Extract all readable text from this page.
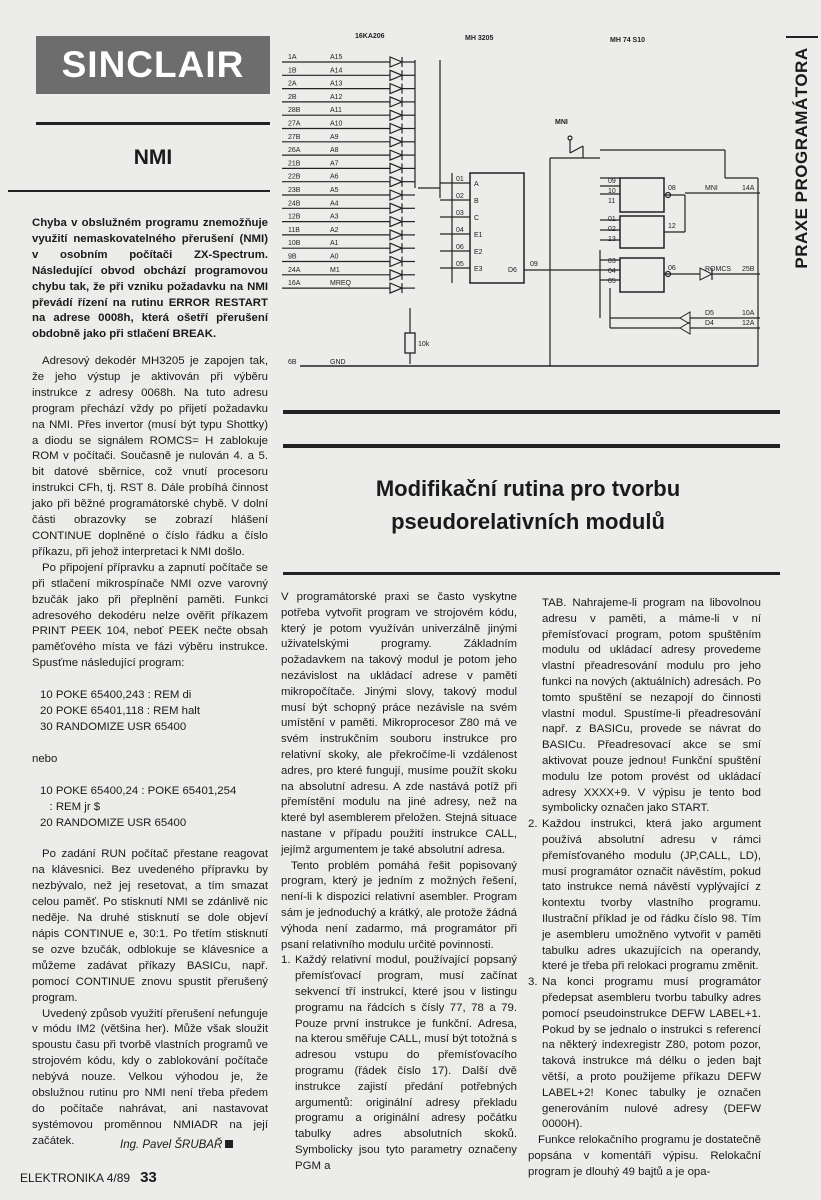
SINCLAIR
NMI
Chyba v obslužném programu znemožňuje využití nemaskovatelného přerušení (NMI) v osobním počítači ZX-Spectrum. Následující obvod obchází programovou chybu tak, že při vzniku požadavku na NMI převádí řízení na rutinu ERROR RESTART na adrese 0008h, která ošetří přerušení obdobně jako při stlačení BREAK.

Adresový dekodér MH3205 je zapojen tak, že jeho výstup je aktivován při výběru instrukce z adresy 0068h. Na tuto adresu program přechází vždy po přijetí požadavku na NMI. Přes invertor (musí být typu Shottky) a diodu se signálem ROMCS= H zablokuje ROM v počítači. Současně je nulován 4. a 5. bit datové sběrnice, což vnutí procesoru instrukci CFh, tj. RST 8. Dále probíhá činnost jako při běžné programátorské chybě. V dolní části obrazovky se zobrazí hlášení CONTINUE doplněné o číslo řádku a číslo příkazu, při jehož interpretaci k NMI došlo.

Po připojení přípravku a zapnutí počítače se při stlačení mikrospínače NMI ozve varovný bzučák jako při přeplnění paměti. Funkci adresového dekodéru nelze ověřit příkazem PRINT PEEK 104, neboť PEEK nečte obsah paměťového místa ve fázi výběru instrukce. Spusťme následující program:

10 POKE 65400,243 : REM di
20 POKE 65401,118 : REM halt
30 RANDOMIZE USR 65400
nebo
10 POKE 65400,24 : POKE 65401,254
: REM jr $
20 RANDOMIZE USR 65400

Po zadání RUN počítač přestane reagovat na klávesnici. Bez uvedeného přípravku by nezbývalo, než jej resetovat, a tím smazat celou paměť. Po stisknutí NMI se zdánlivě nic neděje. Na druhé stisknutí se dole objeví nápis CONTINUE e, 30:1. Po třetím stisknutí se ozve bzučák, odblokuje se klávesnice a můžeme zadávat příkazy BASICu, např. pomocí CONTINUE znovu spustit přerušený program.

Uvedený způsob využití přerušení nefunguje v módu IM2 (většina her). Může však sloužit spoustu času při tvorbě vlastních programů ve strojovém kódu, kdy o zablokování počítače nebývá nouze. Velkou výhodou je, že obslužnou rutinu pro NMI není třeba předem do počítače nahrávat, ani nastavovat systémovou proměnnou NMIADR na její začátek.	Ing. Pavel ŠRUBAŘ
ELEKTRONIKA 4/89 33
PRAXE PROGRAMÁTORA
16KA206	MH 3205	MH 74 S10
1A	A15
1B	A14
2A	A13
2B	A12
28B	A11
27A	A10
27B	A9
26A	A8
21B	A7
22B	A6
23B	A5
24B	A4
12B	A3
11B	A2
10B	A1
9B	A0
24A	M1
16A	MREQ
01
A
02
B
03
C
04
E1
06
E2
05
E3
10k
6B	GND
D6
09
MNI
09
10
11
01
02
13
03
04
05
08
12
06
MNI	14A
ROMCS 25B
D5	10A
D4	12A
Modifikační rutina pro tvorbu
pseudorelativních modulů

V programátorské praxi se často vyskytne potřeba vytvořit program ve strojovém kódu, který je potom využíván univerzálně jinými uživatelskými programy. Základním požadavkem na takový modul je potom jeho nezávislost na ukládací adrese v paměti mikropočítače. Jinými slovy, takový modul musí být schopný práce nezávisle na svém umístění v paměti. Mikroprocesor Z80 má ve svém instrukčním souboru instrukce pro relativní skoky, ale překročíme-li vzdálenost adres, pro které fungují, musíme použít skoku na absolutní adresu. A zde nastává potíž při přemístění modulu na jiné adresy, než na které byl asemblerem přeložen. Stejná situace nastane v případu použití instrukce CALL, jejímž argumentem je také absolutní adresa.

Tento problém pomáhá řešit popisovaný program, který je jedním z možných řešení, není-li k dispozici relativní asembler. Program sám je jednoduchý a krátký, ale protože žádná výhoda není zadarmo, má programátor při psaní relativního modulu určité povinnosti.

1. Každý relativní modul, používající popsaný přemísťovací program, musí začínat sekvencí tří instrukcí, které jsou v listingu programu na řádcích s čísly 77, 78 a 79. Pouze první instrukce je funkční. Adresa, na kterou směřuje CALL, musí být totožná s adresou vstupu do přemísťovacího programu (řádek číslo 17). Další dvě instrukce zajistí předání potřebných argumentů: originální adresy překladu programu a originální adresy počátku tabulky adres absolutních skoků. Symbolicky jsou tyto parametry označeny PGM a

TAB. Nahrajeme-li program na libovolnou adresu v paměti, a máme-li v ní přemísťovací program, potom spuštěním modulu od ukládací adresy provedeme vlastní přeadresování modulu pro jeho funkci na nových (aktuálních) adresách. Po tomto spuštění se nezapojí do činnosti vlastní modul. Spustíme-li přeadresování např. z BASICu, provede se návrat do BASICu. Přeadresovací akce se smí aktivovat pouze jednou! Funkční spuštění modulu lze potom provést od ukládací adresy XXXX+9. V výpisu je tento bod symbolicky označen jako START.

2. Každou instrukci, která jako argument používá absolutní adresu v rámci přemísťovaného modulu (JP,CALL, LD), musí programátor označit návěstím, pokud tato instrukce nemá návěstí vyplývající z kontextu tvorby vlastního programu. Ilustrační příklad je od řádku číslo 98. Tím je asembleru umožněno vytvořit v paměti tabulku adres ukazujících na operandy, které je třeba při relokaci programu změnit.
3. Na konci programu musí programátor předepsat asembleru tvorbu tabulky adres pomocí pseudoinstrukce DEFW LABEL+1. Pokud by se jednalo o instrukci s referencí na některý indexregistr Z80, potom pozor, taková instrukce má délku o jeden bajt větší, a proto použijeme příkazu DEFW LABEL+2! Konec tabulky je označen generováním nulové adresy (DEFW 0000H).

Funkce relokačního programu je dostatečně popsána v komentáři výpisu. Relokační program je dlouhý 49 bajtů a je opa-
